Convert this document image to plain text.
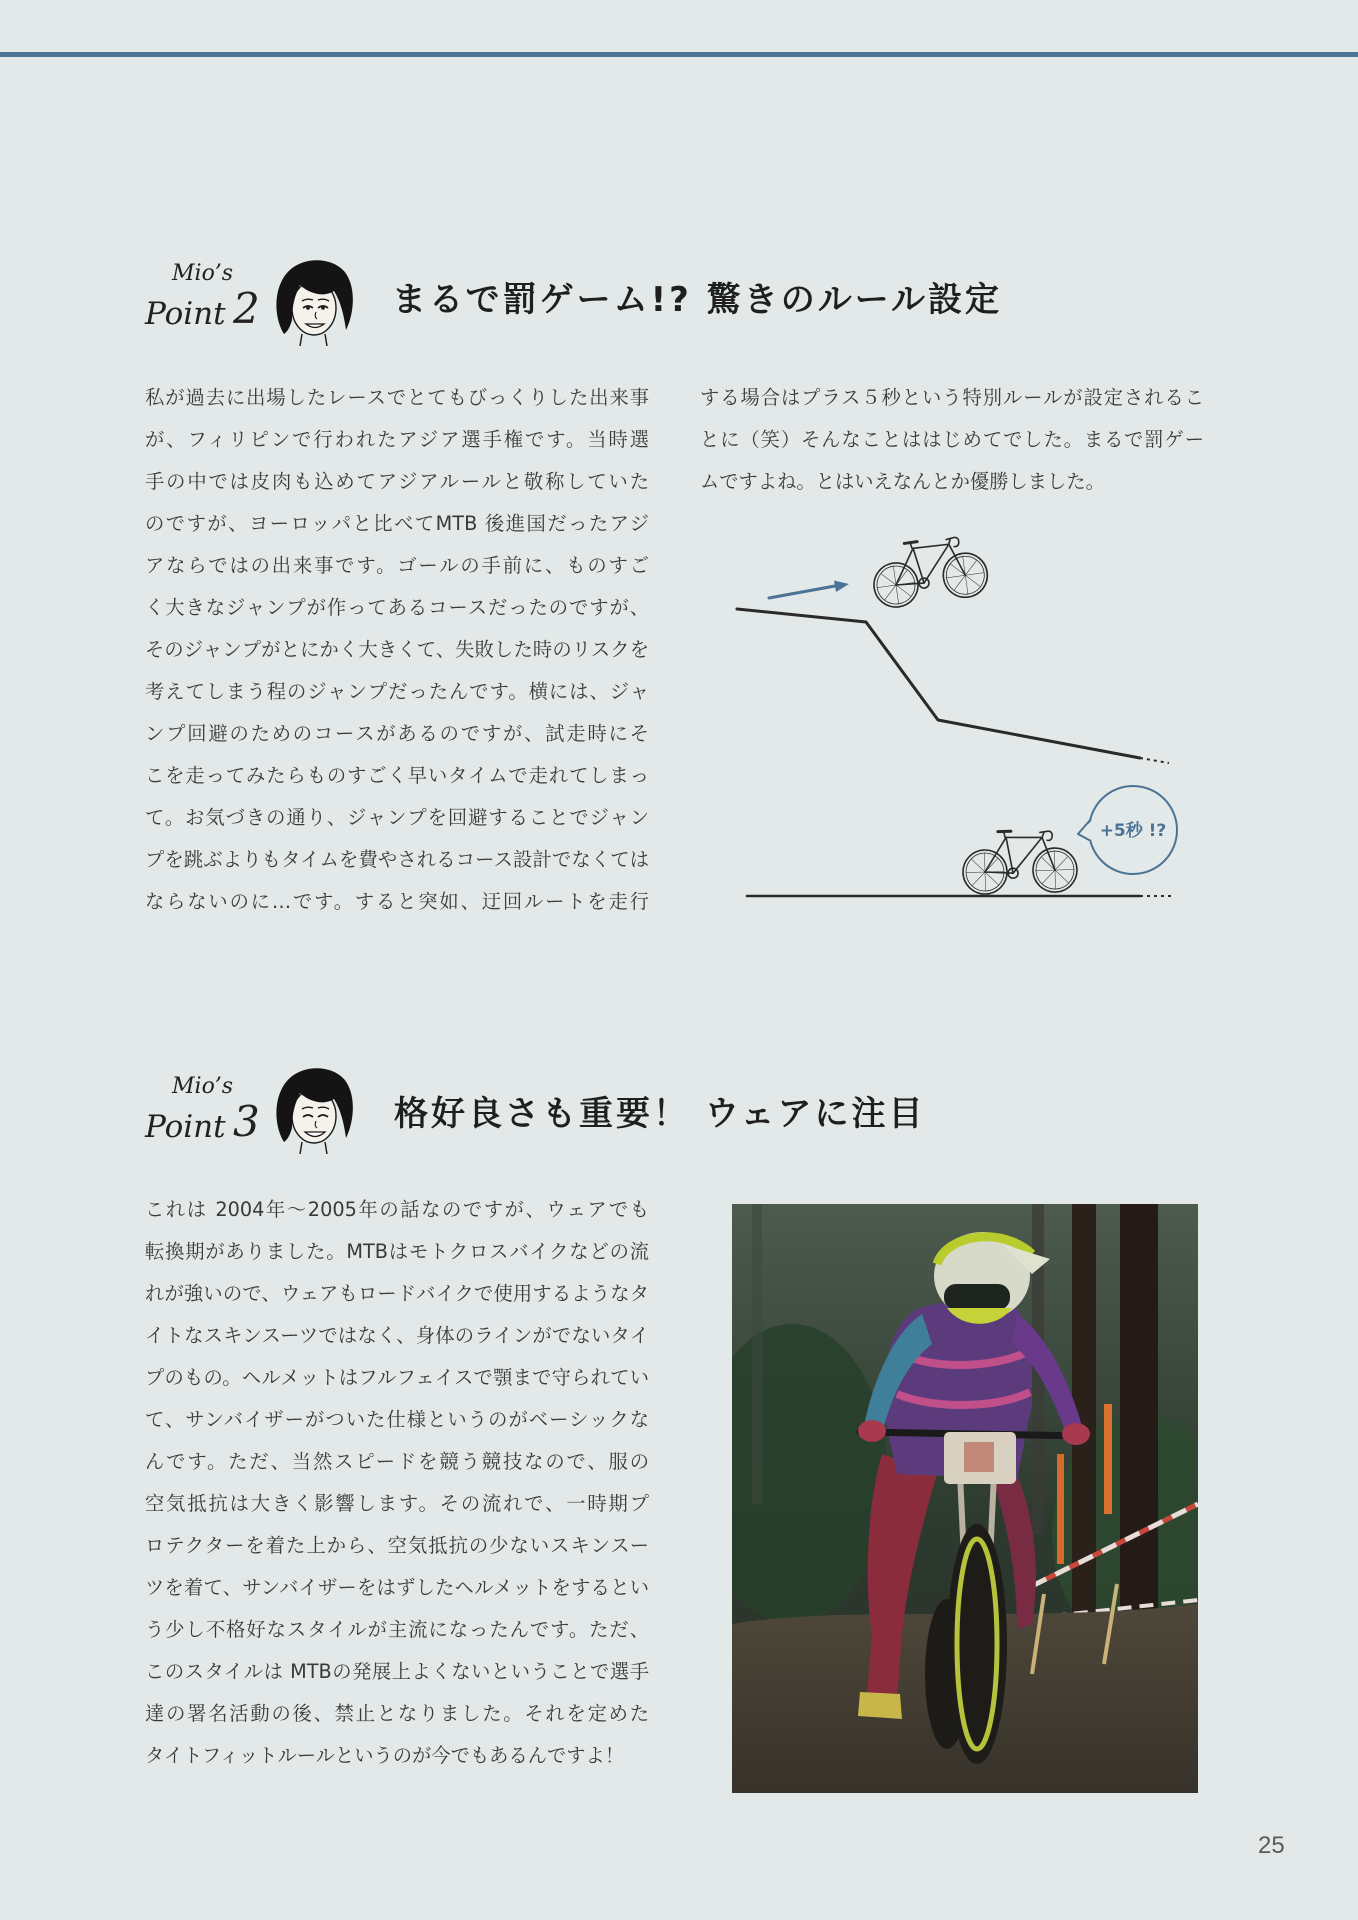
Mio’s
Point 2	まるで罰ゲーム!? 驚きのルール設定
私が過去に出場したレースでとてもびっくりした出来事
が、フィリピンで行われたアジア選手権です。当時選
手の中では皮肉も込めてアジアルールと敬称していた
のですが、ヨーロッパと比べてMTB 後進国だったアジ
アならではの出来事です。ゴールの手前に、ものすご
く大きなジャンプが作ってあるコースだったのですが、
そのジャンプがとにかく大きくて、失敗した時のリスクを
考えてしまう程のジャンプだったんです。横には、ジャ
ンプ回避のためのコースがあるのですが、試走時にそ
こを走ってみたらものすごく早いタイムで走れてしまっ
て。お気づきの通り、ジャンプを回避することでジャン
プを跳ぶよりもタイムを費やされるコース設計でなくては
ならないのに…です。すると突如、迂回ルートを走行
する場合はプラス５秒という特別ルールが設定されるこ
とに（笑）そんなことははじめてでした。まるで罰ゲー
ムですよね。とはいえなんとか優勝しました。
+5秒 !?
Mio’s
Point 3	格好良さも重要！ ウェアに注目
これは 2004年〜2005年の話なのですが、ウェアでも
転換期がありました。MTBはモトクロスバイクなどの流
れが強いので、ウェアもロードバイクで使用するようなタ
イトなスキンスーツではなく、身体のラインがでないタイ
プのもの。ヘルメットはフルフェイスで顎まで守られてい
て、サンバイザーがついた仕様というのがベーシックな
んです。ただ、当然スピードを競う競技なので、服の
空気抵抗は大きく影響します。その流れで、一時期プ
ロテクターを着た上から、空気抵抗の少ないスキンスー
ツを着て、サンバイザーをはずしたヘルメットをするとい
う少し不格好なスタイルが主流になったんです。ただ、
このスタイルは MTBの発展上よくないということで選手
達の署名活動の後、禁止となりました。それを定めた
タイトフィットルールというのが今でもあるんですよ！
25
